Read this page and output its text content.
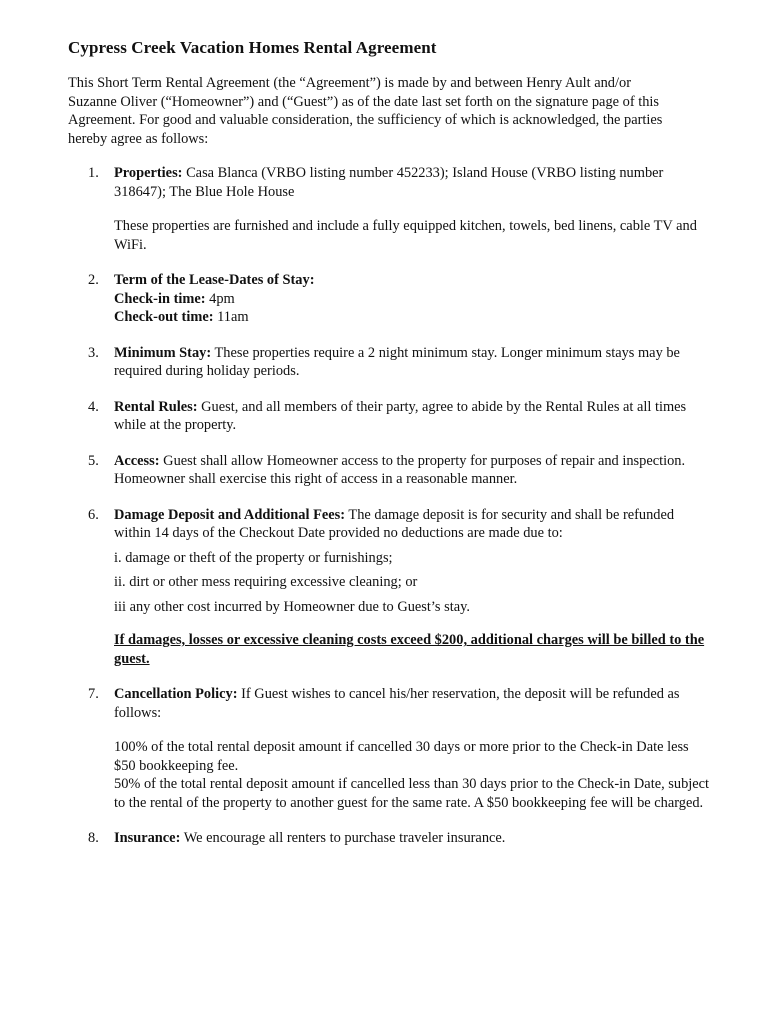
Cypress Creek Vacation Homes Rental Agreement

This Short Term Rental Agreement (the “Agreement”) is made by and between Henry Ault and/or Suzanne Oliver (“Homeowner”) and (“Guest”) as of the date last set forth on the signature page of this Agreement. For good and valuable consideration, the sufficiency of which is acknowledged, the parties hereby agree as follows:

1. Properties: Casa Blanca (VRBO listing number 452233); Island House (VRBO listing number 318647); The Blue Hole House

These properties are furnished and include a fully equipped kitchen, towels, bed linens, cable TV and WiFi.

2. Term of the Lease-Dates of Stay:
Check-in time: 4pm
Check-out time: 11am
3. Minimum Stay: These properties require a 2 night minimum stay. Longer minimum stays may be required during holiday periods.

4. Rental Rules: Guest, and all members of their party, agree to abide by the Rental Rules at all times while at the property.

5. Access: Guest shall allow Homeowner access to the property for purposes of repair and inspection. Homeowner shall exercise this right of access in a reasonable manner.

6. Damage Deposit and Additional Fees: The damage deposit is for security and shall be refunded within 14 days of the Checkout Date provided no deductions are made due to:

i. damage or theft of the property or furnishings;

ii. dirt or other mess requiring excessive cleaning; or

iii any other cost incurred by Homeowner due to Guest’s stay.

If damages, losses or excessive cleaning costs exceed $200, additional charges will be billed to the guest.

7. Cancellation Policy: If Guest wishes to cancel his/her reservation, the deposit will be refunded as follows:

100% of the total rental deposit amount if cancelled 30 days or more prior to the Check-in Date less $50 bookkeeping fee.

50% of the total rental deposit amount if cancelled less than 30 days prior to the Check-in Date, subject to the rental of the property to another guest for the same rate. A $50 bookkeeping fee will be charged.

8. Insurance: We encourage all renters to purchase traveler insurance.
